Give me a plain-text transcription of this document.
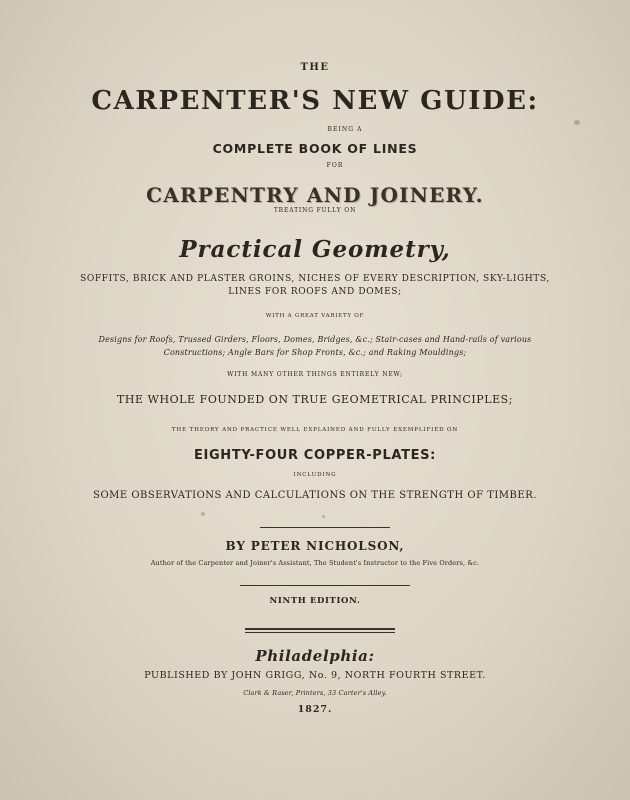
THE
CARPENTER'S NEW GUIDE:
BEING A
COMPLETE BOOK OF LINES
FOR
CARPENTRY AND JOINERY.
TREATING FULLY ON
Practical Geometry,
SOFFITS, BRICK AND PLASTER GROINS, NICHES OF EVERY DESCRIPTION, SKY-LIGHTS,
LINES FOR ROOFS AND DOMES;
WITH A GREAT VARIETY OF
Designs for Roofs, Trussed Girders, Floors, Domes, Bridges, &c.; Stair-cases and Hand-rails of various
Constructions; Angle Bars for Shop Fronts, &c.; and Raking Mouldings;
WITH MANY OTHER THINGS ENTIRELY NEW;
THE WHOLE FOUNDED ON TRUE GEOMETRICAL PRINCIPLES;
THE THEORY AND PRACTICE WELL EXPLAINED AND FULLY EXEMPLIFIED ON
EIGHTY-FOUR COPPER-PLATES:
INCLUDING
SOME OBSERVATIONS AND CALCULATIONS ON THE STRENGTH OF TIMBER.
BY PETER NICHOLSON,
Author of the Carpenter and Joiner's Assistant, The Student's Instructor to the Five Orders, &c.
NINTH EDITION.
Philadelphia:
PUBLISHED BY JOHN GRIGG, No. 9, NORTH FOURTH STREET.
Clark & Raser, Printers, 33 Carter's Alley.
1827.
